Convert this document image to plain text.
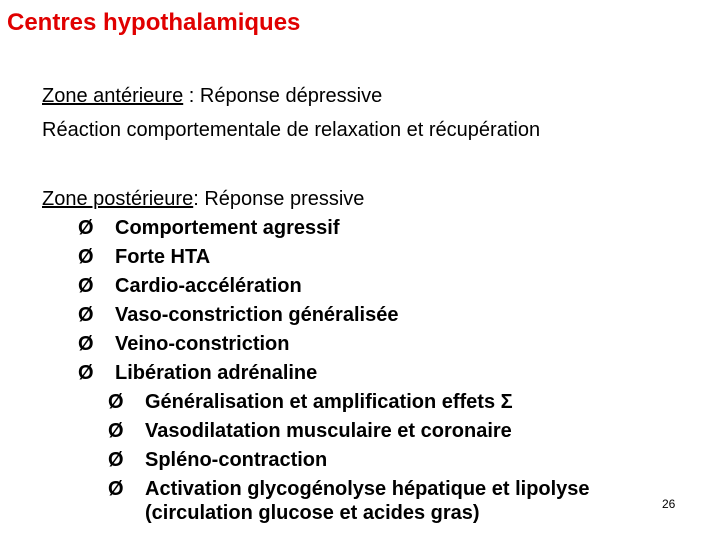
Centres hypothalamiques
Zone antérieure : Réponse dépressive
Réaction comportementale de relaxation et récupération
Zone postérieure: Réponse pressive
Ø	Comportement agressif
Ø	Forte HTA
Ø	Cardio-accélération
Ø	Vaso-constriction généralisée
Ø	Veino-constriction
Ø	Libération adrénaline
Ø	Généralisation et amplification effets Σ
Ø	Vasodilatation musculaire et coronaire
Ø	Spléno-contraction
Ø	Activation glycogénolyse hépatique et lipolyse
(circulation glucose et acides gras)	26
